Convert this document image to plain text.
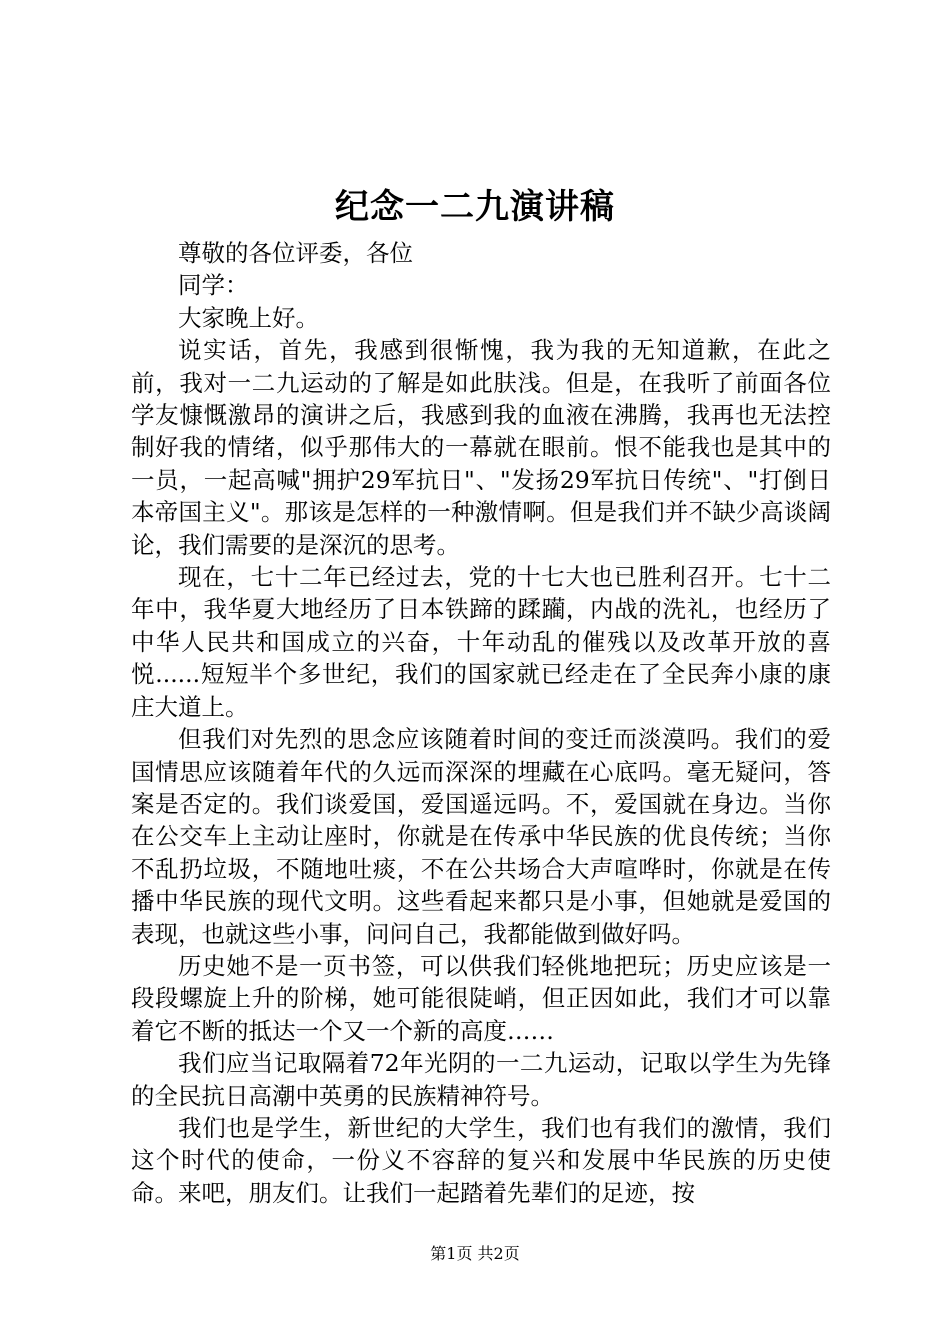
纪念一二九演讲稿

尊敬的各位评委，各位

同学：

大家晚上好。

说实话，首先，我感到很惭愧，我为我的无知道歉，在此之前，我对一二九运动的了解是如此肤浅。但是，在我听了前面各位学友慷慨激昂的演讲之后，我感到我的血液在沸腾，我再也无法控制好我的情绪，似乎那伟大的一幕就在眼前。恨不能我也是其中的一员，一起高喊"拥护29军抗日"、"发扬29军抗日传统"、"打倒日本帝国主义"。那该是怎样的一种激情啊。但是我们并不缺少高谈阔论，我们需要的是深沉的思考。

现在，七十二年已经过去，党的十七大也已胜利召开。七十二年中，我华夏大地经历了日本铁蹄的蹂躏，内战的洗礼，也经历了中华人民共和国成立的兴奋，十年动乱的催残以及改革开放的喜悦......短短半个多世纪，我们的国家就已经走在了全民奔小康的康庄大道上。

但我们对先烈的思念应该随着时间的变迁而淡漠吗。我们的爱国情思应该随着年代的久远而深深的埋藏在心底吗。毫无疑问，答案是否定的。我们谈爱国，爱国遥远吗。不，爱国就在身边。当你在公交车上主动让座时，你就是在传承中华民族的优良传统；当你不乱扔垃圾，不随地吐痰，不在公共场合大声喧哗时，你就是在传播中华民族的现代文明。这些看起来都只是小事，但她就是爱国的表现，也就这些小事，问问自己，我都能做到做好吗。

历史她不是一页书签，可以供我们轻佻地把玩；历史应该是一段段螺旋上升的阶梯，她可能很陡峭，但正因如此，我们才可以靠着它不断的抵达一个又一个新的高度……

我们应当记取隔着72年光阴的一二九运动，记取以学生为先锋的全民抗日高潮中英勇的民族精神符号。

我们也是学生，新世纪的大学生，我们也有我们的激情，我们这个时代的使命，一份义不容辞的复兴和发展中华民族的历史使命。来吧，朋友们。让我们一起踏着先辈们的足迹，按

第1页 共2页
